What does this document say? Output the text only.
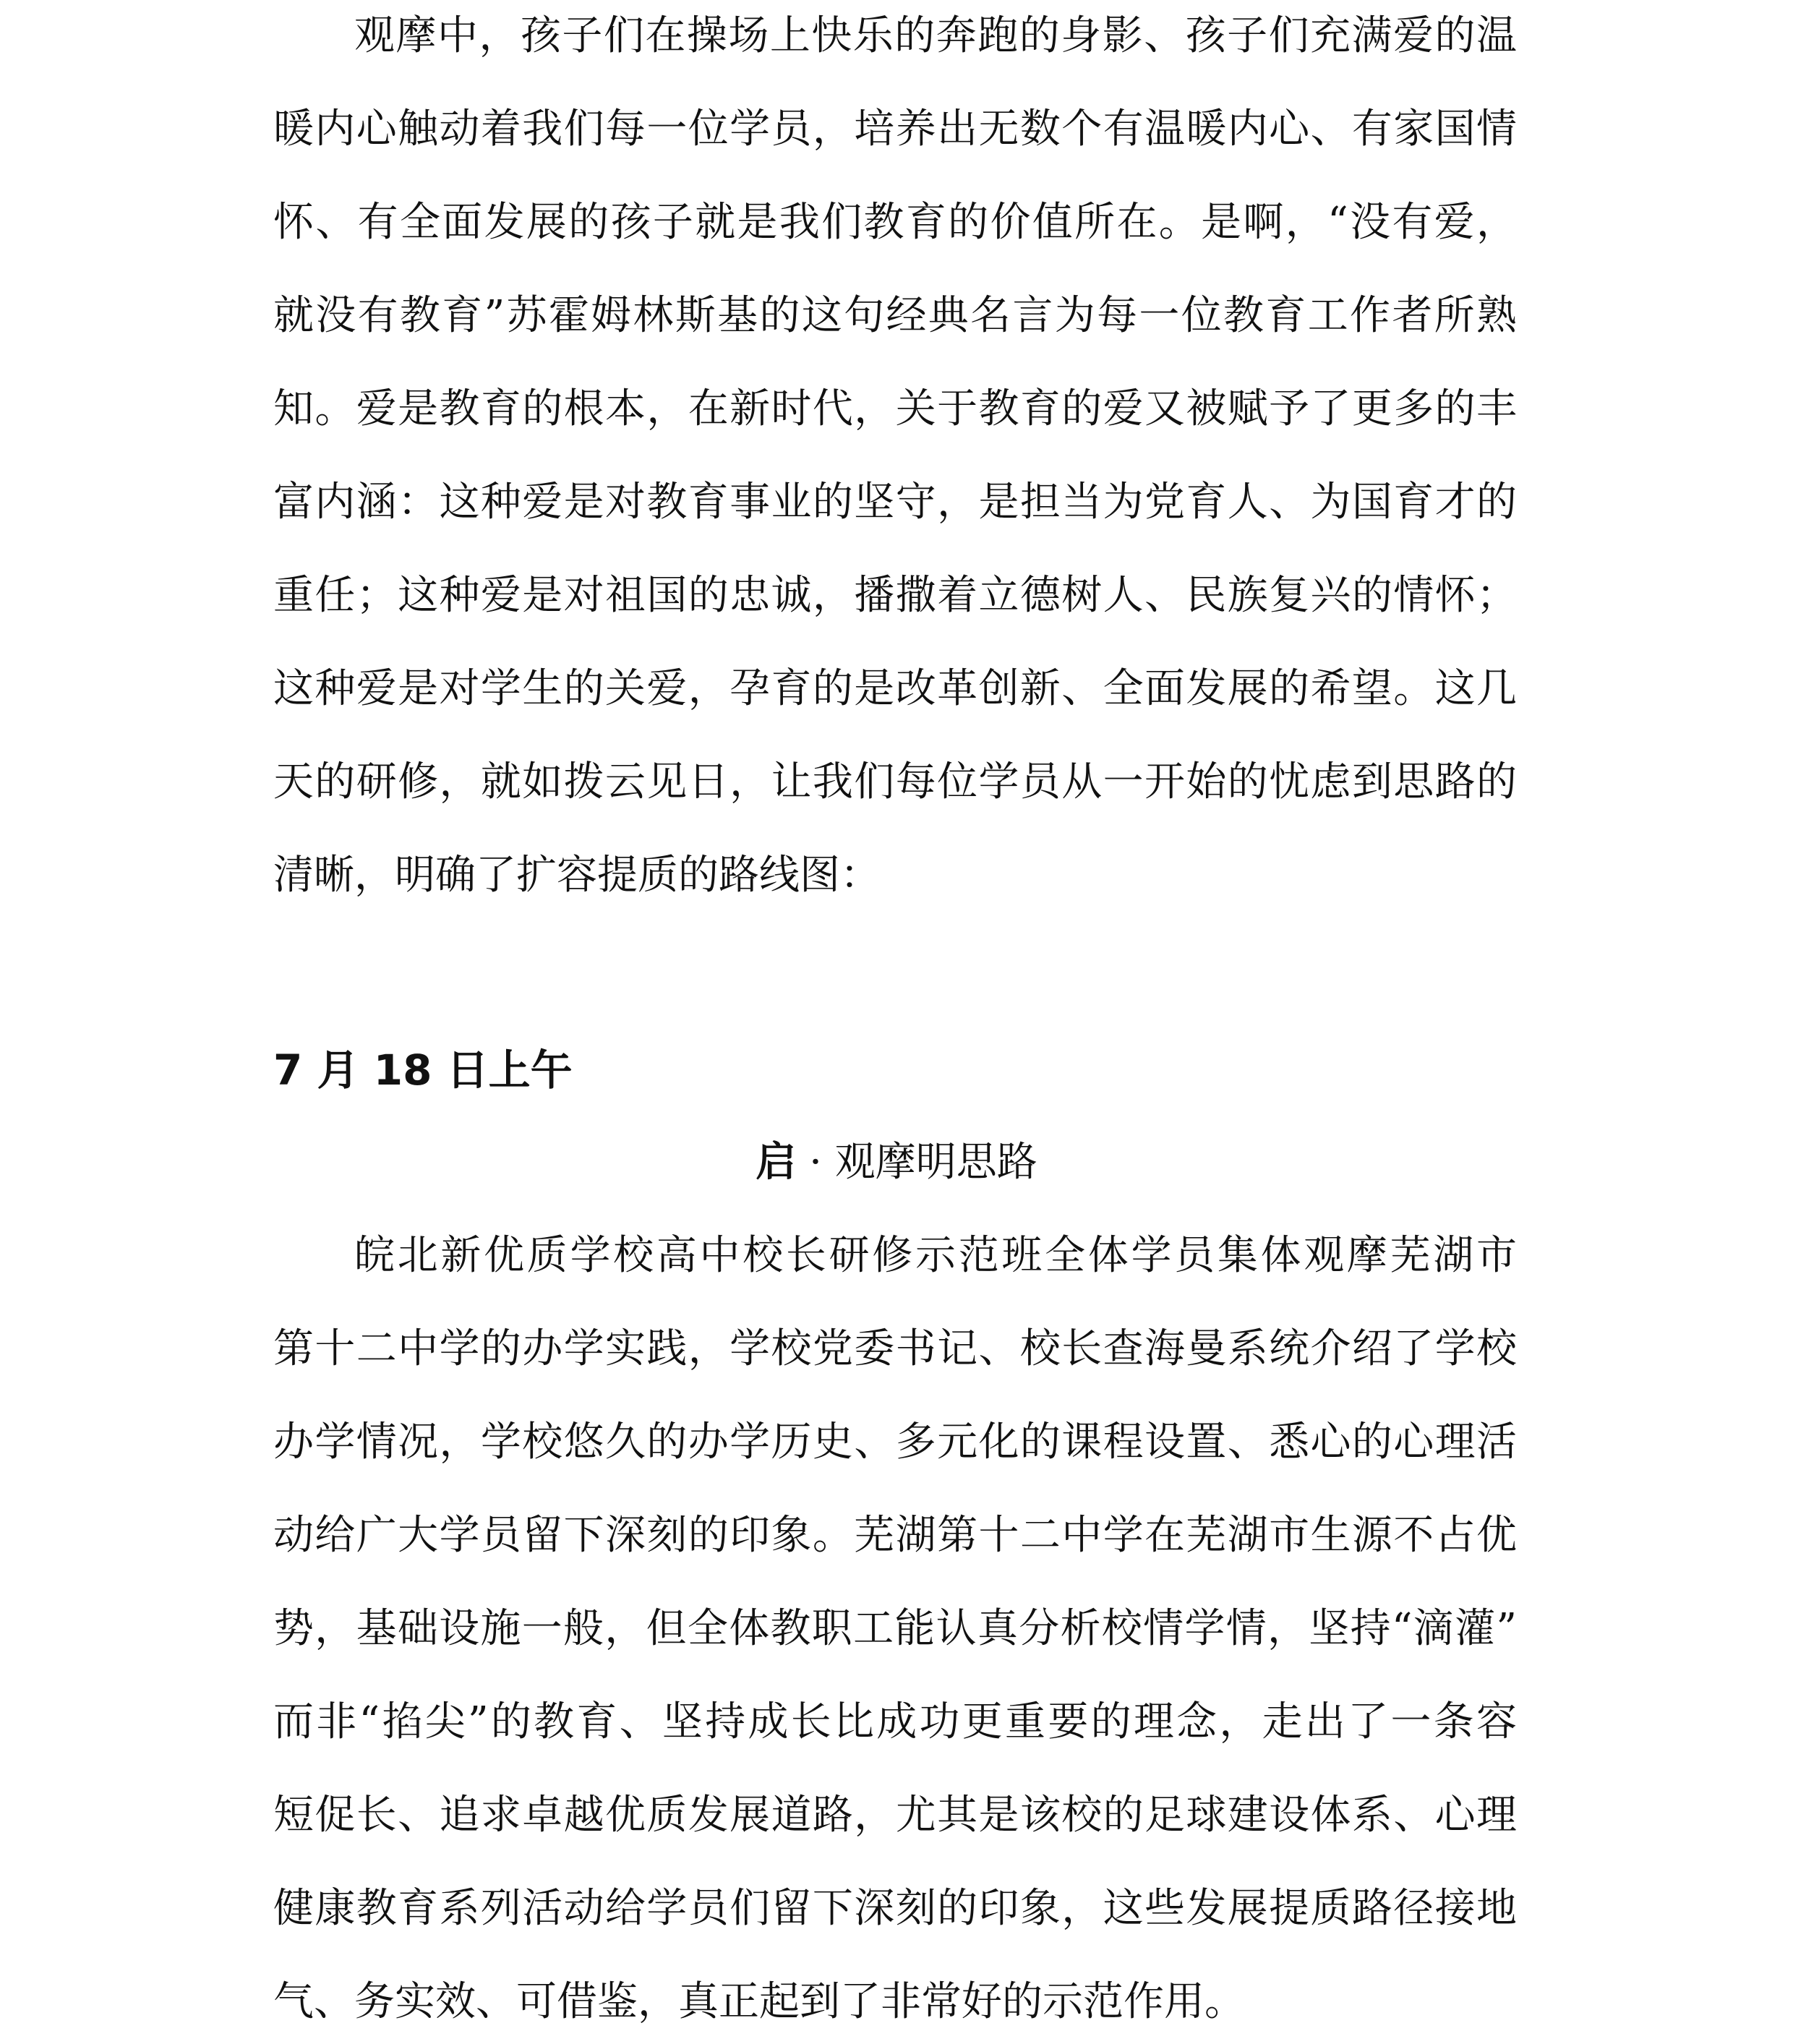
观摩中，孩子们在操场上快乐的奔跑的身影、孩子们充满爱的温
暖内心触动着我们每一位学员，培养出无数个有温暖内心、有家国情
怀、有全面发展的孩子就是我们教育的价值所在。是啊，“没有爱，
就没有教育”苏霍姆林斯基的这句经典名言为每一位教育工作者所熟
知。爱是教育的根本，在新时代，关于教育的爱又被赋予了更多的丰
富内涵：这种爱是对教育事业的坚守，是担当为党育人、为国育才的
重任；这种爱是对祖国的忠诚，播撒着立德树人、民族复兴的情怀；
这种爱是对学生的关爱，孕育的是改革创新、全面发展的希望。这几
天的研修，就如拨云见日，让我们每位学员从一开始的忧虑到思路的
清晰，明确了扩容提质的路线图：
7 月 18 日上午
启 · 观摩明思路
皖北新优质学校高中校长研修示范班全体学员集体观摩芜湖市
第十二中学的办学实践，学校党委书记、校长查海曼系统介绍了学校
办学情况，学校悠久的办学历史、多元化的课程设置、悉心的心理活
动给广大学员留下深刻的印象。芜湖第十二中学在芜湖市生源不占优
势，基础设施一般，但全体教职工能认真分析校情学情，坚持“滴灌”
而非“掐尖”的教育、坚持成长比成功更重要的理念，走出了一条容
短促长、追求卓越优质发展道路，尤其是该校的足球建设体系、心理
健康教育系列活动给学员们留下深刻的印象，这些发展提质路径接地
气、务实效、可借鉴，真正起到了非常好的示范作用。
